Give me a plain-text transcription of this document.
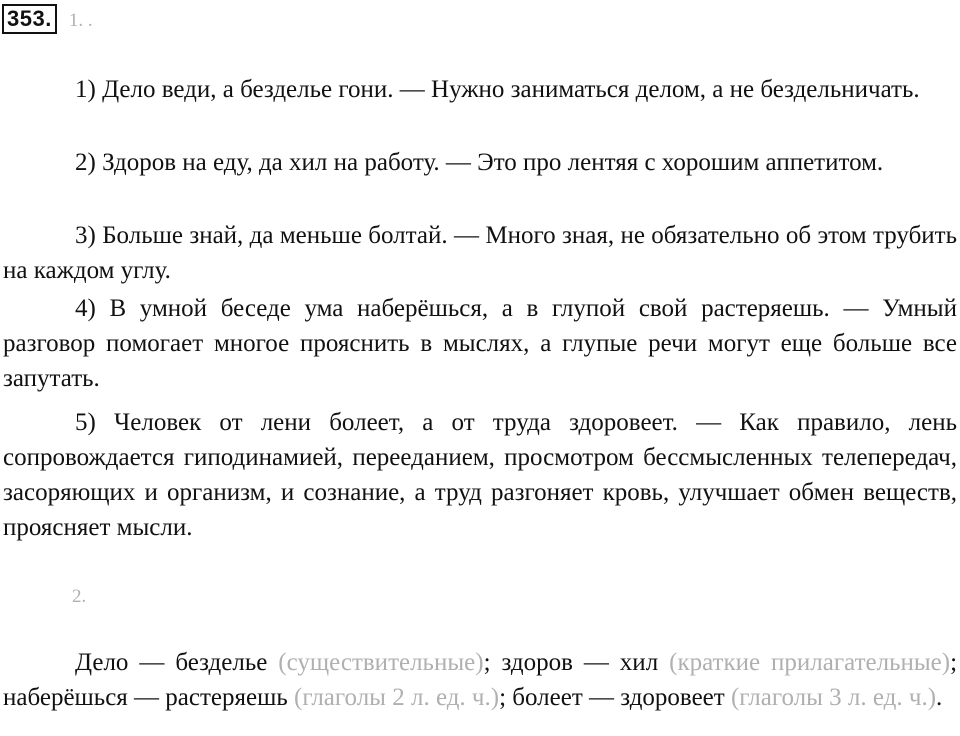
353. 1. .
1) Дело веди, а безделье гони. — Нужно заниматься делом, а не бездельничать.
2) Здоров на еду, да хил на работу. — Это про лентяя с хорошим аппетитом.
3) Больше знай, да меньше болтай. — Много зная, не обязательно об этом трубить на каждом углу.
4) В умной беседе ума наберёшься, а в глупой свой растеряешь. — Умный разговор помогает многое прояснить в мыслях, а глупые речи могут еще больше все запутать.
5) Человек от лени болеет, а от труда здоровеет. — Как правило, лень сопровождается гиподинамией, перееданием, просмотром бессмысленных телепередач, засоряющих и организм, и сознание, а труд разгоняет кровь, улучшает обмен веществ, проясняет мысли.
2.
Дело — безделье (существительные); здоров — хил (краткие прилагательные); наберёшься — растеряешь (глаголы 2 л. ед. ч.); болеет — здоровеет (глаголы 3 л. ед. ч.).
